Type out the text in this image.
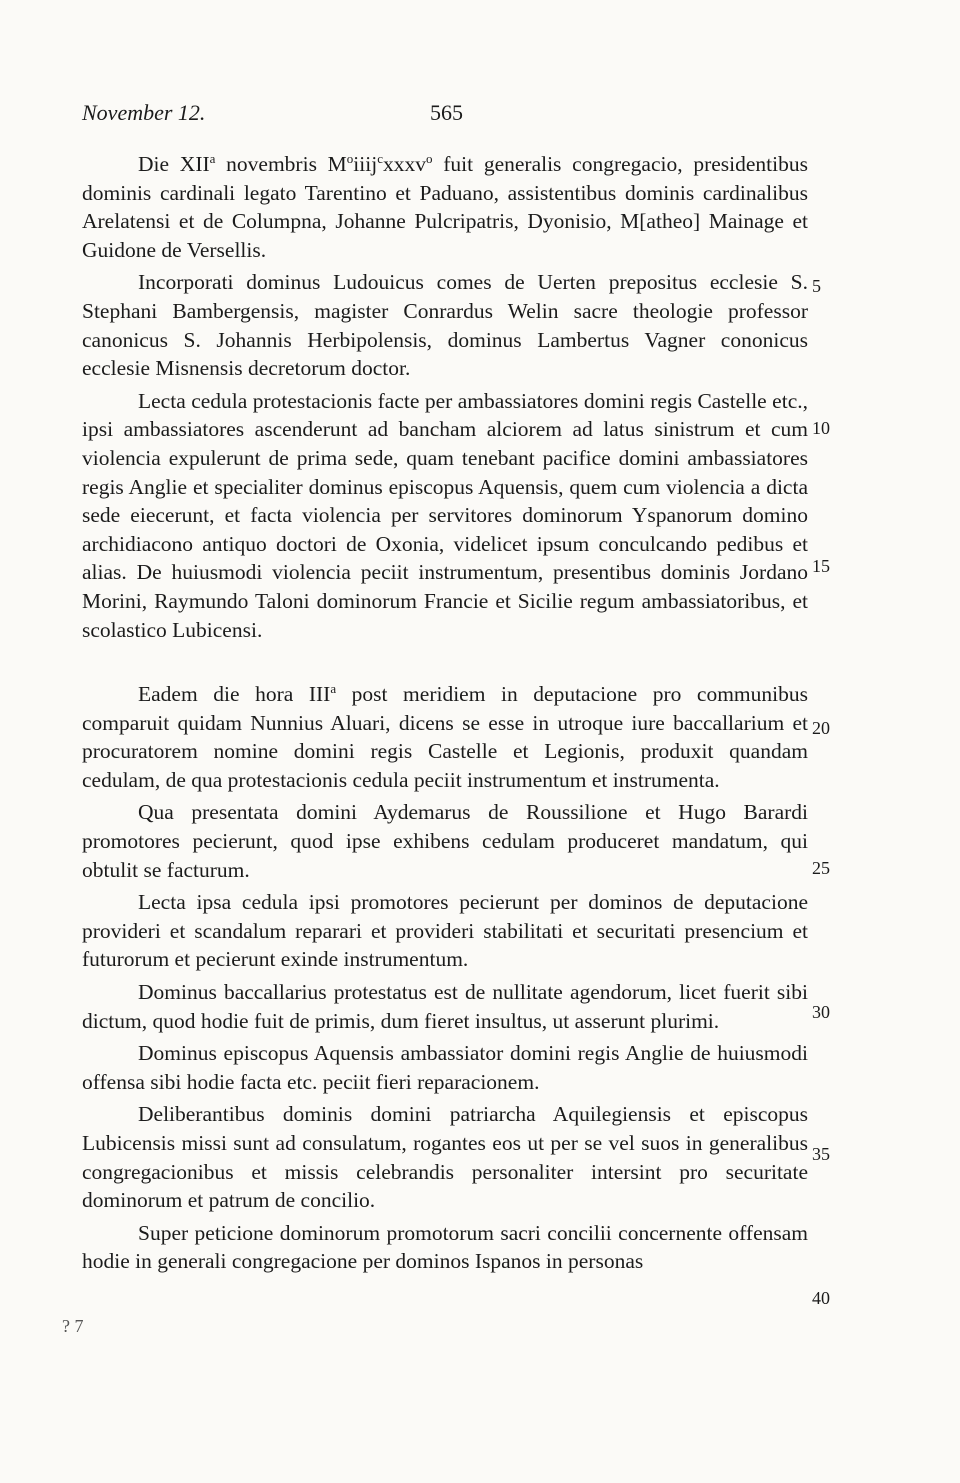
November 12.	565

Die XII$^a$ novembris $M^oiiij^cxxxv^o$ fuit generalis congregacio, presidentibus dominis cardinali legato Tarentino et Paduano, assistentibus dominis cardinalibus Arelatensi et de Columpna, Johanne Pulcripatris, Dyonisio, M[atheo] Mainage et Guidone de Versellis.

Incorporati dominus Ludouicus comes de Uerten prepositus ecclesie S. Stephani Bambergensis, magister Conrardus Welin sacre theologie professor canonicus S. Johannis Herbipolensis, dominus Lambertus Vagner cononicus ecclesie Misnensis decretorum doctor.

Lecta cedula protestacionis facte per ambassiatores domini regis Castelle etc., ipsi ambassiatores ascenderunt ad bancham alciorem ad latus sinistrum et cum violencia expulerunt de prima sede, quam tenebant pacifice domini ambassiatores regis Anglie et specialiter dominus episcopus Aquensis, quem cum violencia a dicta sede eiecerunt, et facta violencia per servitores dominorum Yspanorum domino archidiacono antiquo doctori de Oxonia, videlicet ipsum conculcando pedibus et alias. De huiusmodi violencia peciit instrumentum, presentibus dominis Jordano Morini, Raymundo Taloni dominorum Francie et Sicilie regum ambassiatoribus, et scolastico Lubicensi.

Eadem die hora III$^a$ post meridiem in deputacione pro communibus comparuit quidam Nunnius Aluari, dicens se esse in utroque iure baccallarium et procuratorem nomine domini regis Castelle et Legionis, produxit quandam cedulam, de qua protestacionis cedula peciit instrumentum et instrumenta.

Qua presentata domini Aydemarus de Roussilione et Hugo Barardi promotores pecierunt, quod ipse exhibens cedulam produceret mandatum, qui obtulit se facturum.

Lecta ipsa cedula ipsi promotores pecierunt per dominos de deputacione provideri et scandalum reparari et provideri stabilitati et securitati presencium et futurorum et pecierunt exinde instrumentum.

Dominus baccallarius protestatus est de nullitate agendorum, licet fuerit sibi dictum, quod hodie fuit de primis, dum fieret insultus, ut asserunt plurimi.

Dominus episcopus Aquensis ambassiator domini regis Anglie de huiusmodi offensa sibi hodie facta etc. peciit fieri reparacionem.

Deliberantibus dominis domini patriarcha Aquilegiensis et episcopus Lubicensis missi sunt ad consulatum, rogantes eos ut per se vel suos in generalibus congregacionibus et missis celebrandis personaliter intersint pro securitate dominorum et patrum de concilio.

Super peticione dominorum promotorum sacri concilii concernente offensam hodie in generali congregacione per dominos Ispanos in personas

5
10
15
20
25
30
35
40
? 7
